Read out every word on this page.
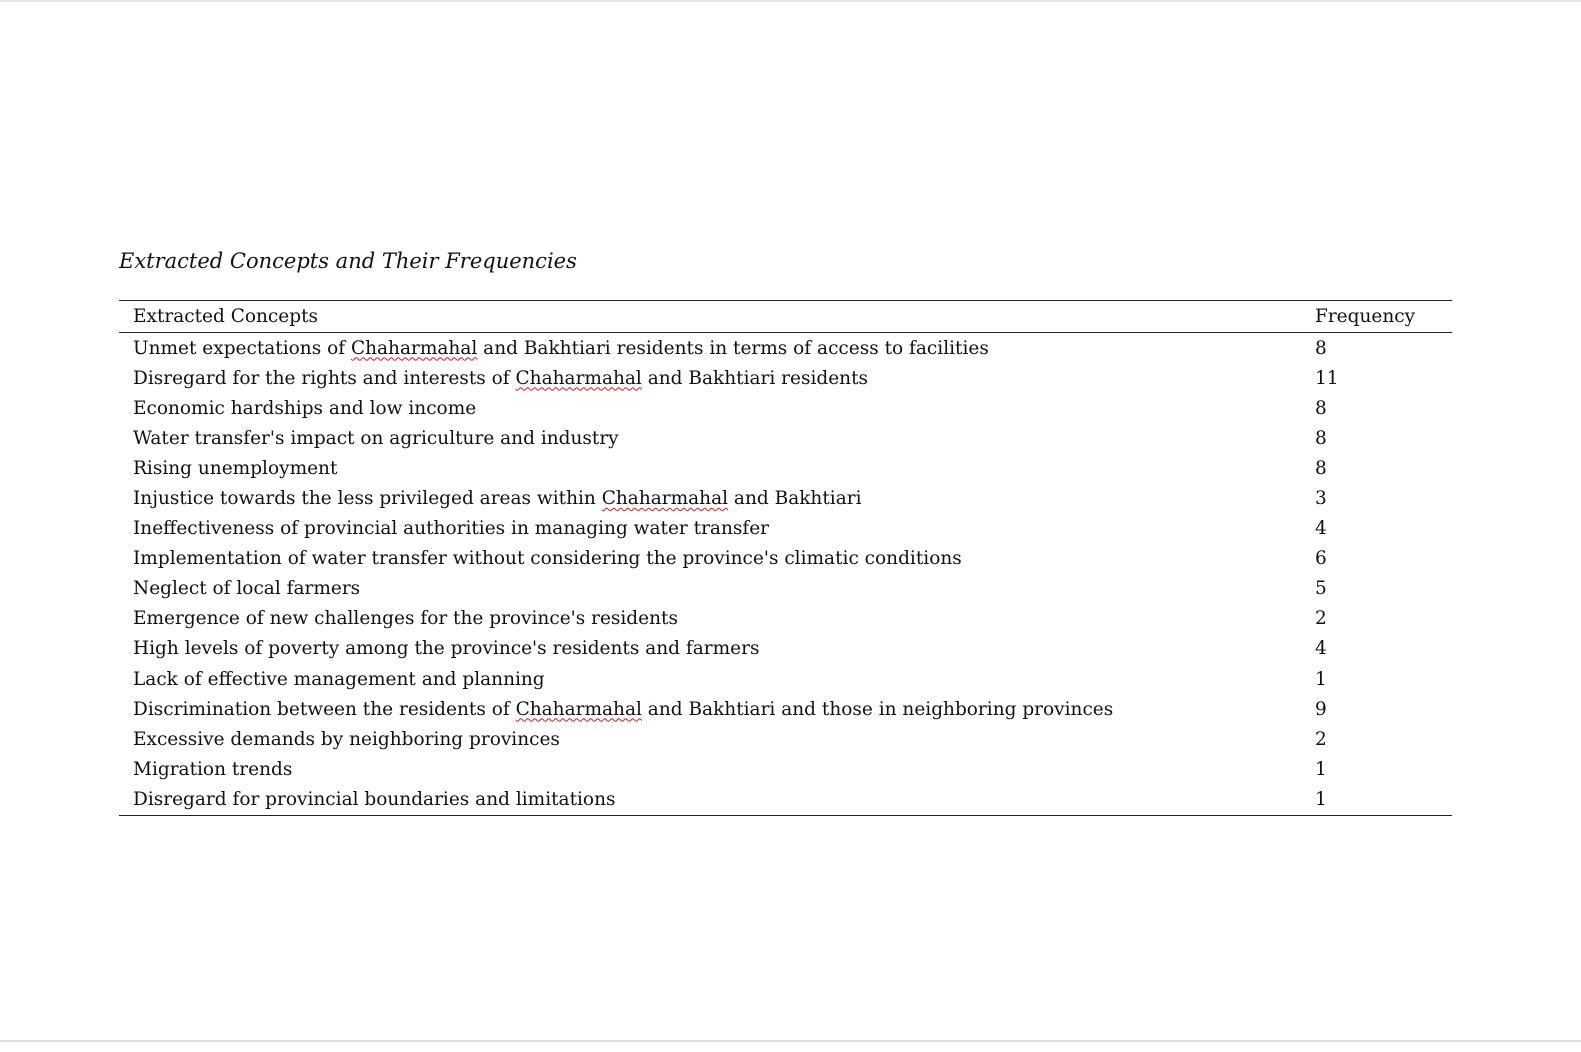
Extracted Concepts and Their Frequencies
Extracted Concepts	Frequency
Unmet expectations of Chaharmahal and Bakhtiari residents in terms of access to facilities	8
Disregard for the rights and interests of Chaharmahal and Bakhtiari residents	11
Economic hardships and low income	8
Water transfer's impact on agriculture and industry	8
Rising unemployment	8
Injustice towards the less privileged areas within Chaharmahal and Bakhtiari	3
Ineffectiveness of provincial authorities in managing water transfer	4
Implementation of water transfer without considering the province's climatic conditions	6
Neglect of local farmers	5
Emergence of new challenges for the province's residents	2
High levels of poverty among the province's residents and farmers	4
Lack of effective management and planning	1
Discrimination between the residents of Chaharmahal and Bakhtiari and those in neighboring provinces	9
Excessive demands by neighboring provinces	2
Migration trends	1
Disregard for provincial boundaries and limitations	1
